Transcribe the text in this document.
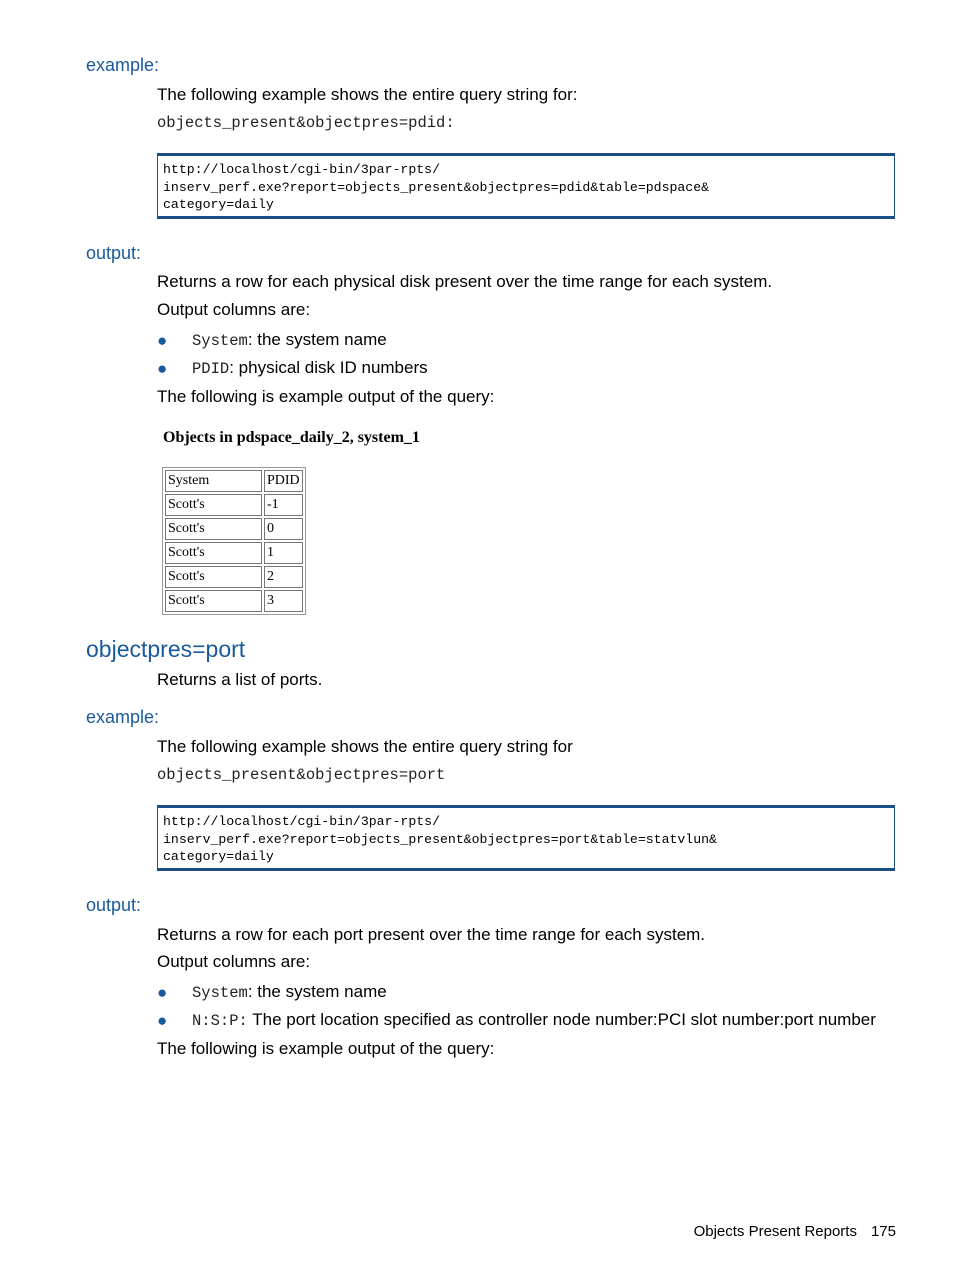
example:
The following example shows the entire query string for:
objects_present&objectpres=pdid:
http://localhost/cgi-bin/3par-rpts/
inserv_perf.exe?report=objects_present&objectpres=pdid&table=pdspace&
category=daily
output:
Returns a row for each physical disk present over the time range for each system.
Output columns are:
● System: the system name
● PDID: physical disk ID numbers
The following is example output of the query:
Objects in pdspace_daily_2, system_1
System	PDID
Scott's	-1
Scott's	0
Scott's	1
Scott's	2
Scott's	3
objectpres=port
Returns a list of ports.
example:
The following example shows the entire query string for
objects_present&objectpres=port
http://localhost/cgi-bin/3par-rpts/
inserv_perf.exe?report=objects_present&objectpres=port&table=statvlun&
category=daily
output:
Returns a row for each port present over the time range for each system.
Output columns are:
● System: the system name
● N:S:P: The port location specified as controller node number:PCI slot number:port number
The following is example output of the query:
Objects Present Reports 175
